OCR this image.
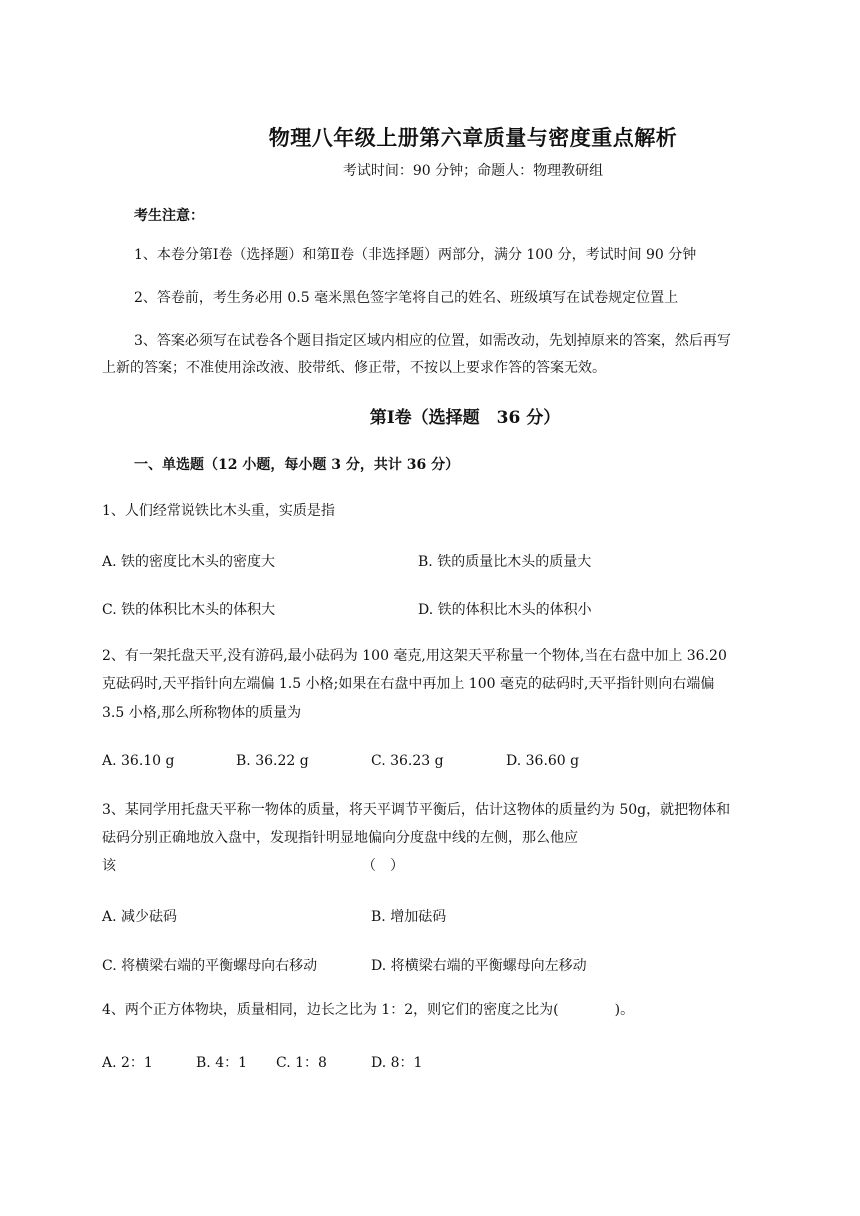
物理八年级上册第六章质量与密度重点解析
考试时间：90 分钟；命题人：物理教研组
考生注意：
1、本卷分第Ⅰ卷（选择题）和第Ⅱ卷（非选择题）两部分，满分 100 分，考试时间 90 分钟
2、答卷前，考生务必用 0.5 毫米黑色签字笔将自己的姓名、班级填写在试卷规定位置上
3、答案必须写在试卷各个题目指定区域内相应的位置，如需改动，先划掉原来的答案，然后再写
上新的答案；不准使用涂改液、胶带纸、修正带，不按以上要求作答的答案无效。
第Ⅰ卷（选择题　36 分）
一、单选题（12 小题，每小题 3 分，共计 36 分）
1、人们经常说铁比木头重，实质是指
A. 铁的密度比木头的密度大	B. 铁的质量比木头的质量大
C. 铁的体积比木头的体积大	D. 铁的体积比木头的体积小
2、有一架托盘天平,没有游码,最小砝码为 100 毫克,用这架天平称量一个物体,当在右盘中加上 36.20
克砝码时,天平指针向左端偏 1.5 小格;如果在右盘中再加上 100 毫克的砝码时,天平指针则向右端偏
3.5 小格,那么所称物体的质量为
A. 36.10 g	B. 36.22 g	C. 36.23 g	D. 36.60 g
3、某同学用托盘天平称一物体的质量，将天平调节平衡后，估计这物体的质量约为 50g，就把物体和
砝码分别正确地放入盘中，发现指针明显地偏向分度盘中线的左侧，那么他应
该	（　）
A. 减少砝码	B. 增加砝码
C. 将横梁右端的平衡螺母向右移动	D. 将横梁右端的平衡螺母向左移动
4、两个正方体物块，质量相同，边长之比为 1：2，则它们的密度之比为(　　　　)。
A. 2：1	B. 4：1 C. 1：8	D. 8：1
